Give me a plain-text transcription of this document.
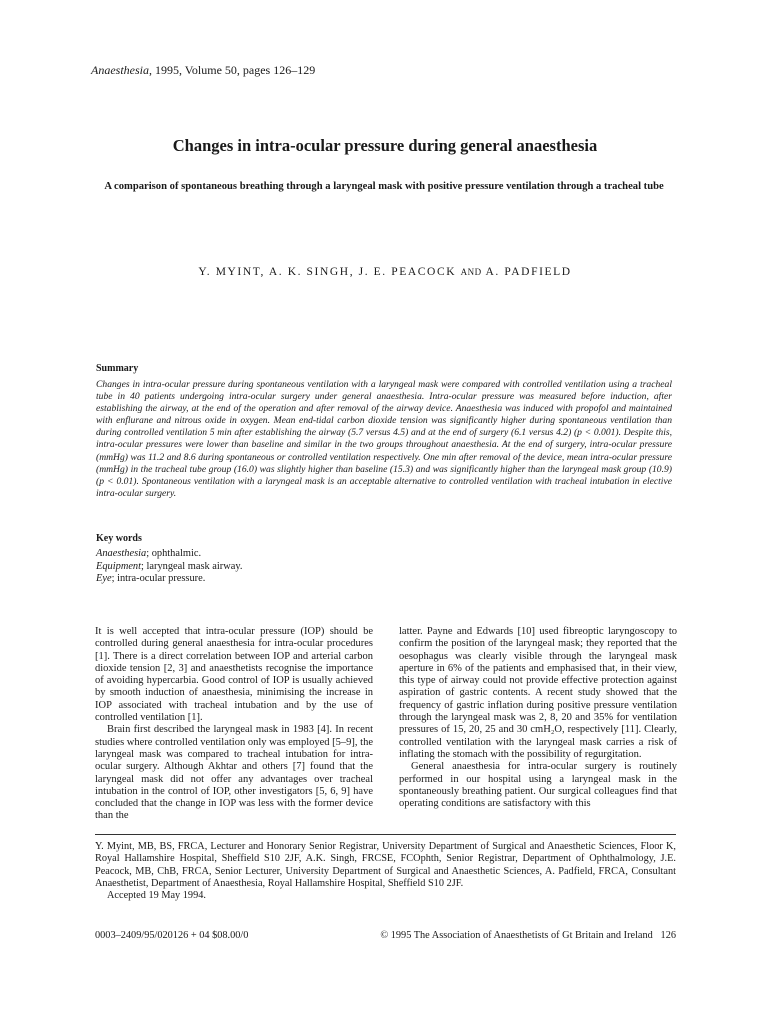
Anaesthesia, 1995, Volume 50, pages 126–129
Changes in intra-ocular pressure during general anaesthesia
A comparison of spontaneous breathing through a laryngeal mask with positive pressure ventilation through a tracheal tube
Y. MYINT, A. K. SINGH, J. E. PEACOCK AND A. PADFIELD
Summary
Changes in intra-ocular pressure during spontaneous ventilation with a laryngeal mask were compared with controlled ventilation using a tracheal tube in 40 patients undergoing intra-ocular surgery under general anaesthesia. Intra-ocular pressure was measured before induction, after establishing the airway, at the end of the operation and after removal of the airway device. Anaesthesia was induced with propofol and maintained with enflurane and nitrous oxide in oxygen. Mean end-tidal carbon dioxide tension was significantly higher during spontaneous ventilation than during controlled ventilation 5 min after establishing the airway (5.7 versus 4.5) and at the end of surgery (6.1 versus 4.2) (p < 0.001). Despite this, intra-ocular pressures were lower than baseline and similar in the two groups throughout anaesthesia. At the end of surgery, intra-ocular pressure (mmHg) was 11.2 and 8.6 during spontaneous or controlled ventilation respectively. One min after removal of the device, mean intra-ocular pressure (mmHg) in the tracheal tube group (16.0) was slightly higher than baseline (15.3) and was significantly higher than the laryngeal mask group (10.9) (p < 0.01). Spontaneous ventilation with a laryngeal mask is an acceptable alternative to controlled ventilation with tracheal intubation in elective intra-ocular surgery.
Key words
Anaesthesia; ophthalmic.
Equipment; laryngeal mask airway.
Eye; intra-ocular pressure.

It is well accepted that intra-ocular pressure (IOP) should be controlled during general anaesthesia for intra-ocular procedures [1]. There is a direct correlation between IOP and arterial carbon dioxide tension [2, 3] and anaesthetists recognise the importance of avoiding hypercarbia. Good control of IOP is usually achieved by smooth induction of anaesthesia, minimising the increase in IOP associated with tracheal intubation and by the use of controlled ventilation [1].

Brain first described the laryngeal mask in 1983 [4]. In recent studies where controlled ventilation only was employed [5–9], the laryngeal mask was compared to tracheal intubation for intra-ocular surgery. Although Akhtar and others [7] found that the laryngeal mask did not offer any advantages over tracheal intubation in the control of IOP, other investigators [5, 6, 9] have concluded that the change in IOP was less with the former device than the

latter. Payne and Edwards [10] used fibreoptic laryngoscopy to confirm the position of the laryngeal mask; they reported that the oesophagus was clearly visible through the laryngeal mask aperture in 6% of the patients and emphasised that, in their view, this type of airway could not provide effective protection against aspiration of gastric contents. A recent study showed that the frequency of gastric inflation during positive pressure ventilation through the laryngeal mask was 2, 8, 20 and 35% for ventilation pressures of 15, 20, 25 and 30 cmH₂O, respectively [11]. Clearly, controlled ventilation with the laryngeal mask carries a risk of inflating the stomach with the possibility of regurgitation.

General anaesthesia for intra-ocular surgery is routinely performed in our hospital using a laryngeal mask in the spontaneously breathing patient. Our surgical colleagues find that operating conditions are satisfactory with this

Y. Myint, MB, BS, FRCA, Lecturer and Honorary Senior Registrar, University Department of Surgical and Anaesthetic Sciences, Floor K, Royal Hallamshire Hospital, Sheffield S10 2JF, A.K. Singh, FRCSE, FCOphth, Senior Registrar, Department of Ophthalmology, J.E. Peacock, MB, ChB, FRCA, Senior Lecturer, University Department of Surgical and Anaesthetic Sciences, A. Padfield, FRCA, Consultant Anaesthetist, Department of Anaesthesia, Royal Hallamshire Hospital, Sheffield S10 2JF.
Accepted 19 May 1994.
0003–2409/95/020126 + 04 $08.00/0	© 1995 The Association of Anaesthetists of Gt Britain and Ireland 126
